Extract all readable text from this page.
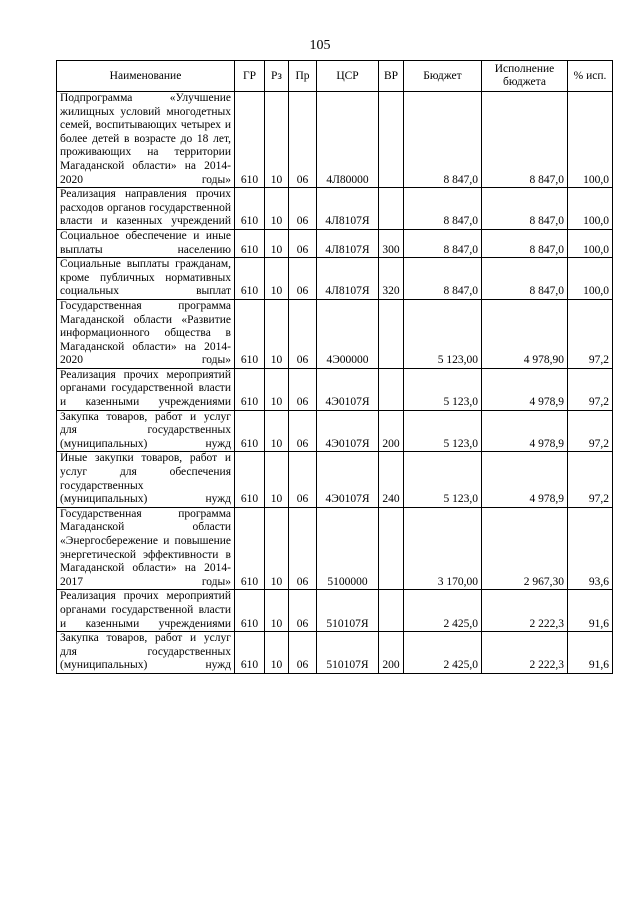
105
Наименование	ГР	Рз	Пр	ЦСР	ВР	Бюджет	Исполнение бюджета	% исп.
Подпрограмма «Улучшение жилищных условий многодетных семей, воспитывающих четырех и более детей в возрасте до 18 лет, проживающих на территории Магаданской области» на 2014-2020 годы»	610	10	06	4Л80000		8 847,0	8 847,0	100,0
Реализация направления прочих расходов органов государственной власти и казенных учреждений	610	10	06	4Л8107Я		8 847,0	8 847,0	100,0
Социальное обеспечение и иные выплаты населению	610	10	06	4Л8107Я	300	8 847,0	8 847,0	100,0
Социальные выплаты гражданам, кроме публичных нормативных социальных выплат	610	10	06	4Л8107Я	320	8 847,0	8 847,0	100,0
Государственная программа Магаданской области «Развитие информационного общества в Магаданской области» на 2014-2020 годы»	610	10	06	4Э00000		5 123,00	4 978,90	97,2
Реализация прочих мероприятий органами государственной власти и казенными учреждениями	610	10	06	4Э0107Я		5 123,0	4 978,9	97,2
Закупка товаров, работ и услуг для государственных (муниципальных) нужд	610	10	06	4Э0107Я	200	5 123,0	4 978,9	97,2
Иные закупки товаров, работ и услуг для обеспечения государственных (муниципальных) нужд	610	10	06	4Э0107Я	240	5 123,0	4 978,9	97,2
Государственная программа Магаданской области «Энергосбережение и повышение энергетической эффективности в Магаданской области» на 2014-2017 годы»	610	10	06	5100000		3 170,00	2 967,30	93,6
Реализация прочих мероприятий органами государственной власти и казенными учреждениями	610	10	06	510107Я		2 425,0	2 222,3	91,6
Закупка товаров, работ и услуг для государственных (муниципальных) нужд	610	10	06	510107Я	200	2 425,0	2 222,3	91,6
